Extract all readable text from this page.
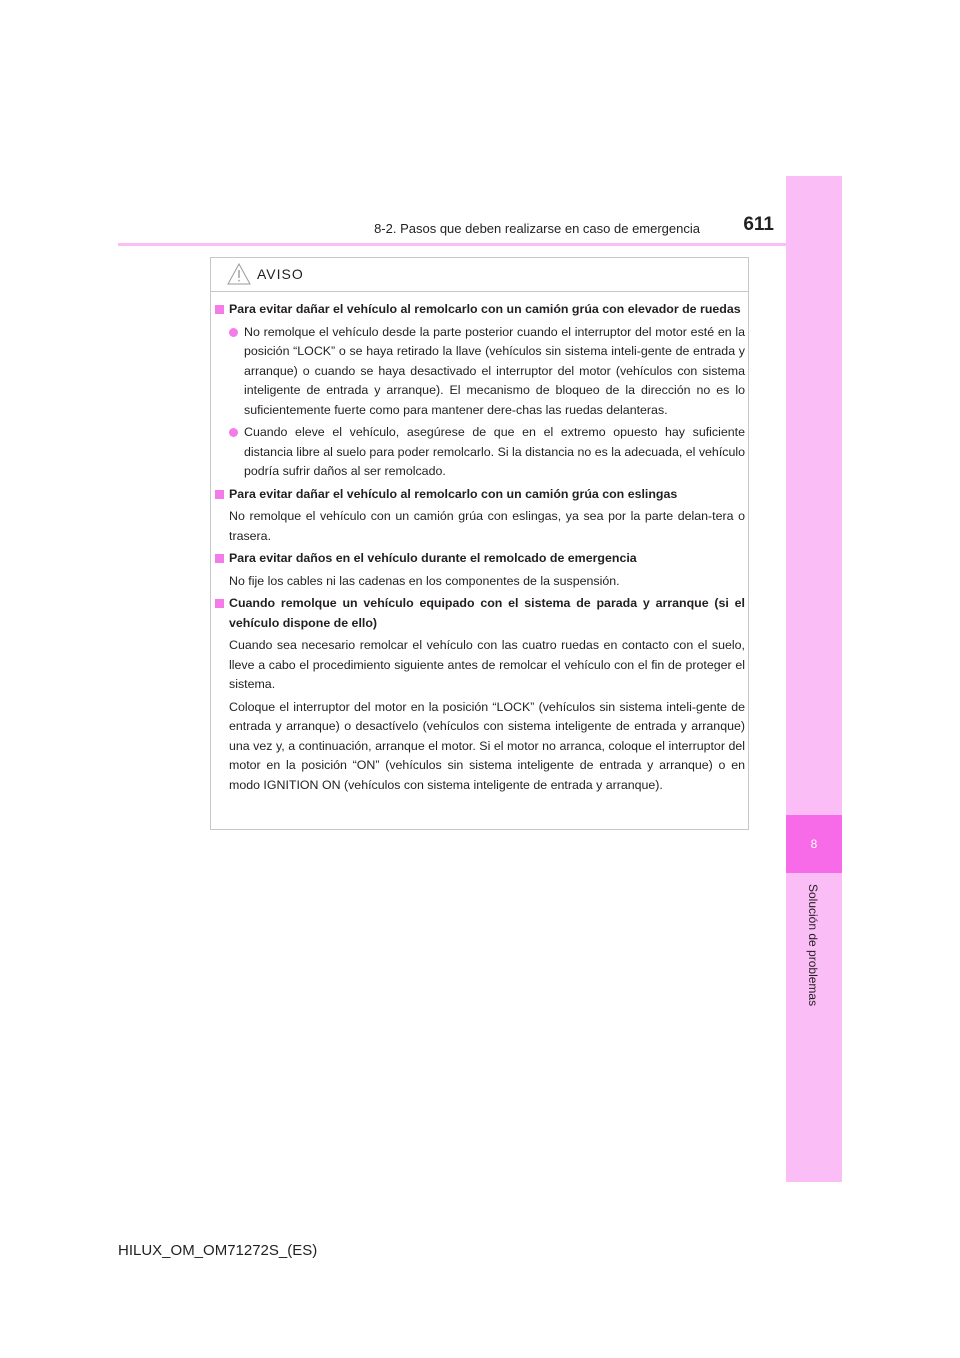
8
Solución de problemas
8-2. Pasos que deben realizarse en caso de emergencia	611
AVISO
Para evitar dañar el vehículo al remolcarlo con un camión grúa con elevador de ruedas
No remolque el vehículo desde la parte posterior cuando el interruptor del motor esté en la posición “LOCK” o se haya retirado la llave (vehículos sin sistema inteli-gente de entrada y arranque) o cuando se haya desactivado el interruptor del motor (vehículos con sistema inteligente de entrada y arranque). El mecanismo de bloqueo de la dirección no es lo suficientemente fuerte como para mantener dere-chas las ruedas delanteras.
Cuando eleve el vehículo, asegúrese de que en el extremo opuesto hay suficiente distancia libre al suelo para poder remolcarlo. Si la distancia no es la adecuada, el vehículo podría sufrir daños al ser remolcado.
Para evitar dañar el vehículo al remolcarlo con un camión grúa con eslingas
No remolque el vehículo con un camión grúa con eslingas, ya sea por la parte delan-tera o trasera.
Para evitar daños en el vehículo durante el remolcado de emergencia
No fije los cables ni las cadenas en los componentes de la suspensión.
Cuando remolque un vehículo equipado con el sistema de parada y arranque (si el vehículo dispone de ello)
Cuando sea necesario remolcar el vehículo con las cuatro ruedas en contacto con el suelo, lleve a cabo el procedimiento siguiente antes de remolcar el vehículo con el fin de proteger el sistema.
Coloque el interruptor del motor en la posición “LOCK” (vehículos sin sistema inteli-gente de entrada y arranque) o desactívelo (vehículos con sistema inteligente de entrada y arranque) una vez y, a continuación, arranque el motor. Si el motor no arranca, coloque el interruptor del motor en la posición “ON” (vehículos sin sistema inteligente de entrada y arranque) o en modo IGNITION ON (vehículos con sistema inteligente de entrada y arranque).
HILUX_OM_OM71272S_(ES)
